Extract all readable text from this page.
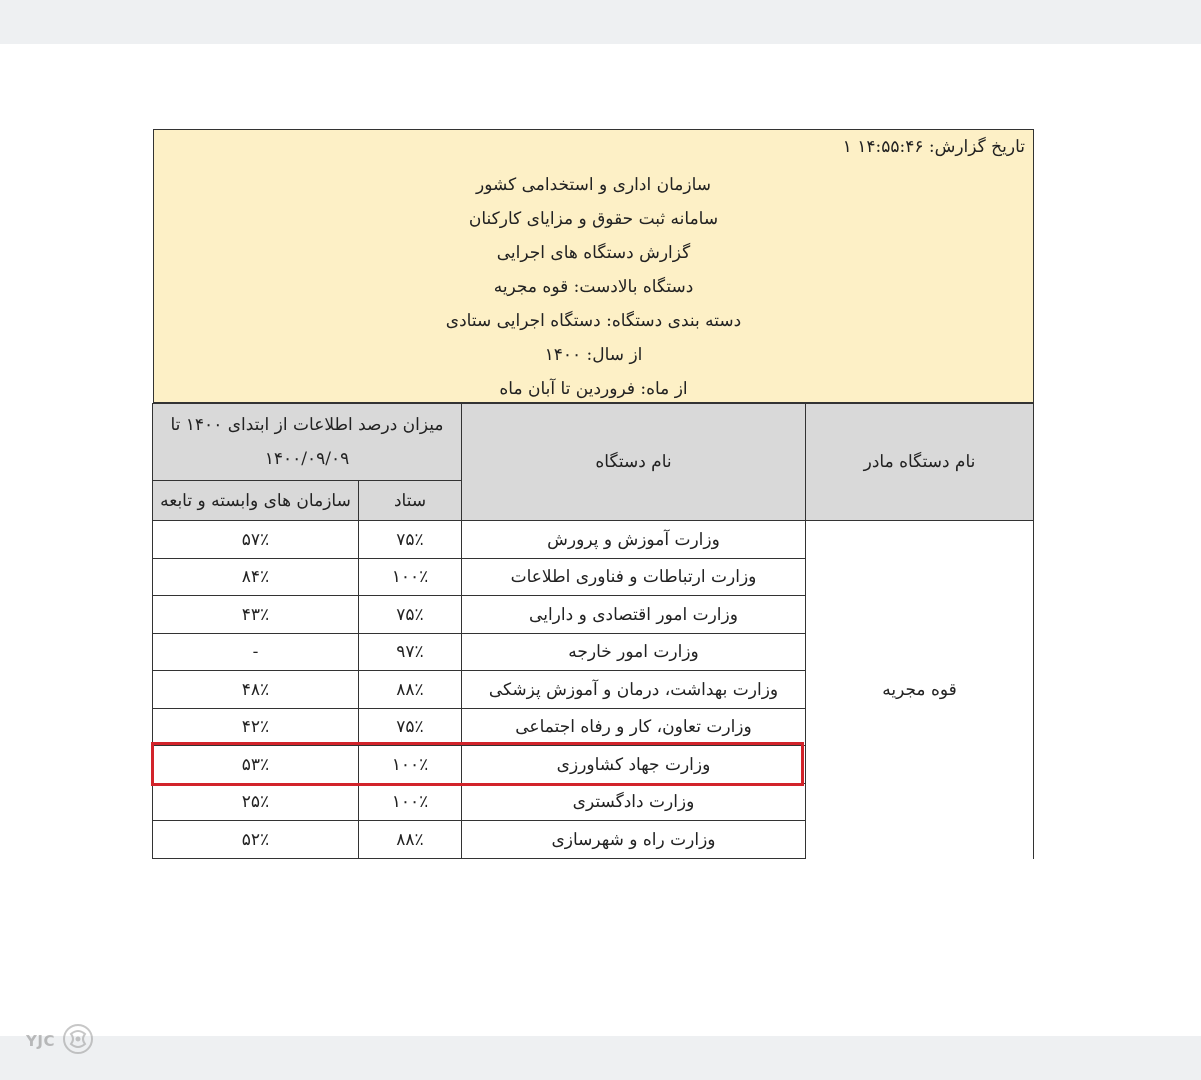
تاریخ گزارش: ۱۴:۵۵:۴۶ ۱
سازمان اداری و استخدامی کشور
سامانه ثبت حقوق و مزایای کارکنان
گزارش دستگاه های اجرایی
دستگاه بالادست: قوه مجریه
دسته بندی دستگاه: دستگاه اجرایی ستادی
از سال: ۱۴۰۰
از ماه: فروردین تا آبان ماه
نام دستگاه مادر	نام دستگاه	میزان درصد اطلاعات از ابتدای ۱۴۰۰ تا ۱۴۰۰/۰۹/۰۹	
		ستاد	سازمان های وابسته و تابعه
قوه مجریه	وزارت آموزش و پرورش	۷۵٪	۵۷٪
	وزارت ارتباطات و فناوری اطلاعات	۱۰۰٪	۸۴٪
	وزارت امور اقتصادی و دارایی	۷۵٪	۴۳٪
	وزارت امور خارجه	۹۷٪	-
	وزارت بهداشت، درمان و آموزش پزشکی	۸۸٪	۴۸٪
	وزارت تعاون، کار و رفاه اجتماعی	۷۵٪	۴۲٪
	وزارت جهاد کشاورزی	۱۰۰٪	۵۳٪
	وزارت دادگستری	۱۰۰٪	۲۵٪
	وزارت راه و شهرسازی	۸۸٪	۵۲٪
YJC
